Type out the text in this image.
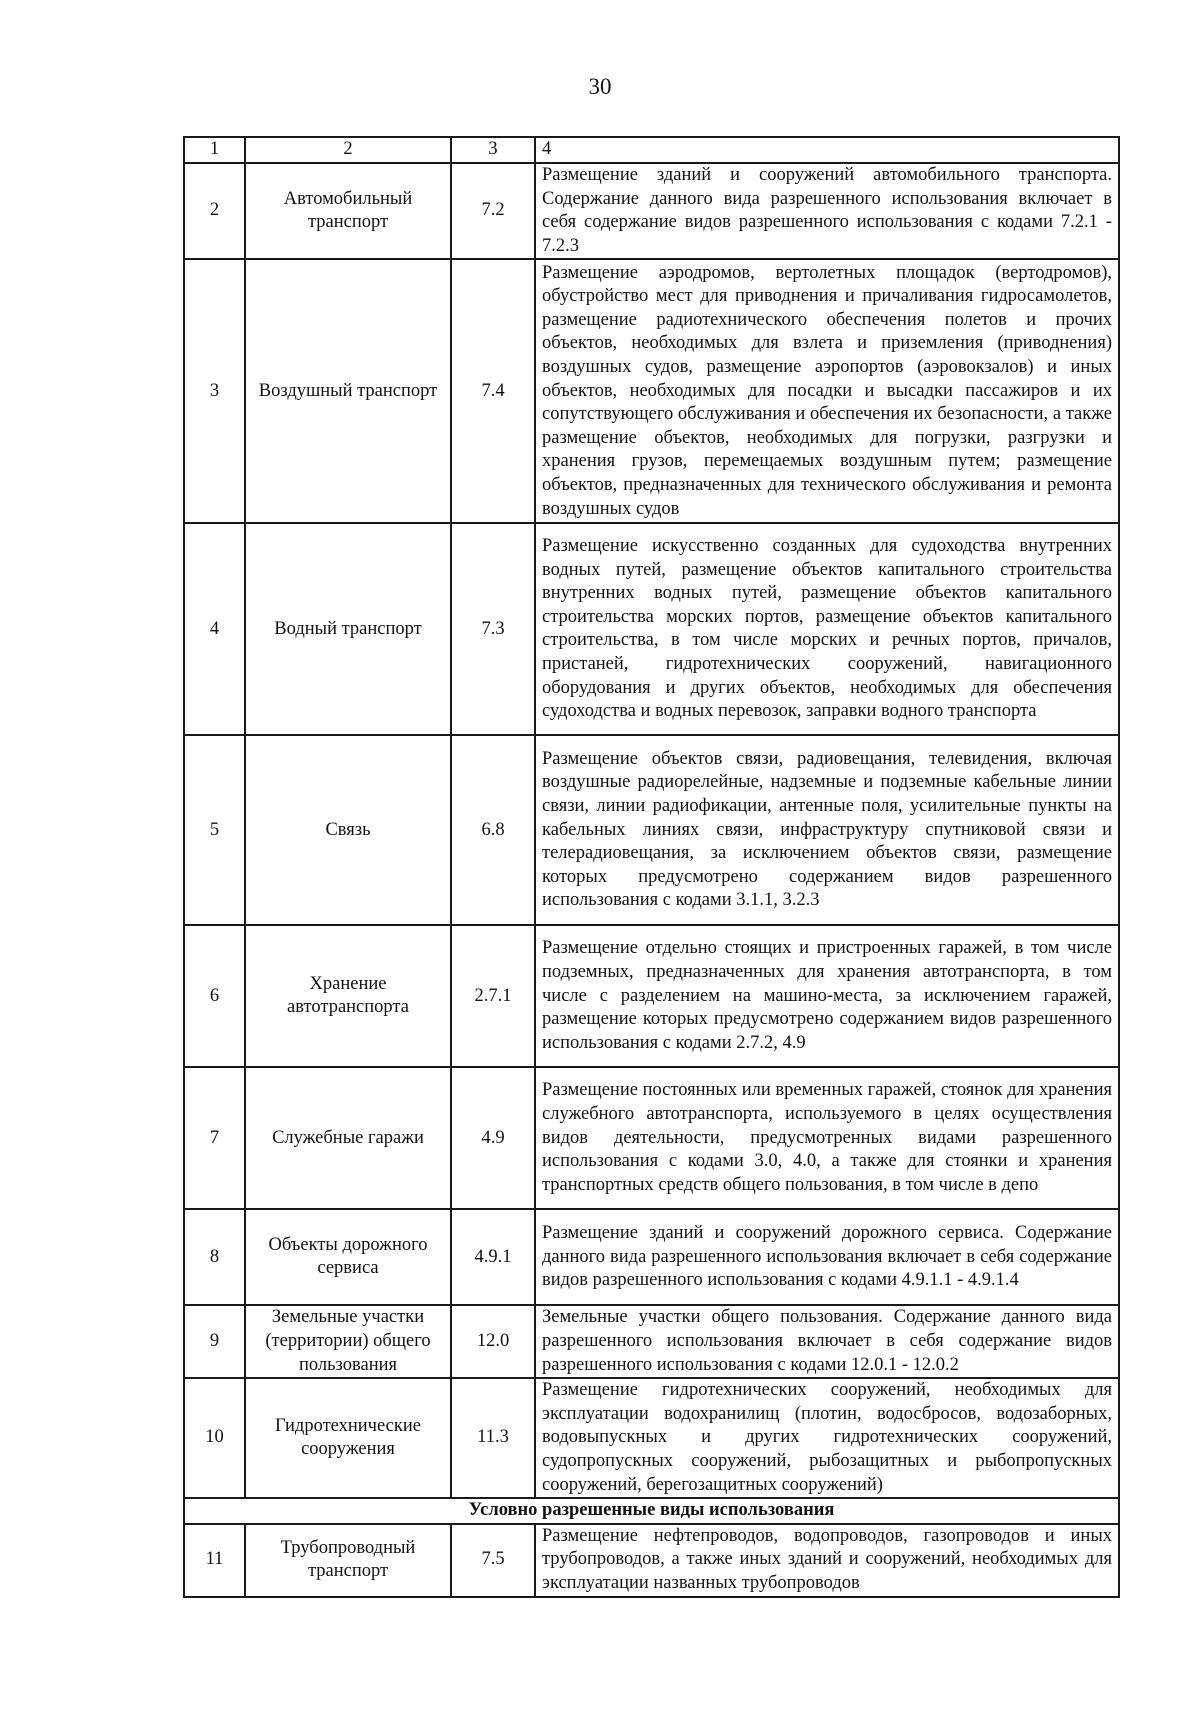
30
1	2	3	4
2	Автомобильный транспорт	7.2	Размещение зданий и сооружений автомобильного транспорта. Содержание данного вида разрешенного использования включает в себя содержание видов разрешенного использования с кодами 7.2.1 - 7.2.3
3	Воздушный транспорт	7.4	Размещение аэродромов, вертолетных площадок (вертодромов), обустройство мест для приводнения и причаливания гидросамолетов, размещение радиотехнического обеспечения полетов и прочих объектов, необходимых для взлета и приземления (приводнения) воздушных судов, размещение аэропортов (аэровокзалов) и иных объектов, необходимых для посадки и высадки пассажиров и их сопутствующего обслуживания и обеспечения их безопасности, а также размещение объектов, необходимых для погрузки, разгрузки и хранения грузов, перемещаемых воздушным путем; размещение объектов, предназначенных для технического обслуживания и ремонта воздушных судов
4	Водный транспорт	7.3	Размещение искусственно созданных для судоходства внутренних водных путей, размещение объектов капитального строительства внутренних водных путей, размещение объектов капитального строительства морских портов, размещение объектов капитального строительства, в том числе морских и речных портов, причалов, пристаней, гидротехнических сооружений, навигационного оборудования и других объектов, необходимых для обеспечения судоходства и водных перевозок, заправки водного транспорта
5	Связь	6.8	Размещение объектов связи, радиовещания, телевидения, включая воздушные радиорелейные, надземные и подземные кабельные линии связи, линии радиофикации, антенные поля, усилительные пункты на кабельных линиях связи, инфраструктуру спутниковой связи и телерадиовещания, за исключением объектов связи, размещение которых предусмотрено содержанием видов разрешенного использования с кодами 3.1.1, 3.2.3
6	Хранение автотранспорта	2.7.1	Размещение отдельно стоящих и пристроенных гаражей, в том числе подземных, предназначенных для хранения автотранспорта, в том числе с разделением на машино-места, за исключением гаражей, размещение которых предусмотрено содержанием видов разрешенного использования с кодами 2.7.2, 4.9
7	Служебные гаражи	4.9	Размещение постоянных или временных гаражей, стоянок для хранения служебного автотранспорта, используемого в целях осуществления видов деятельности, предусмотренных видами разрешенного использования с кодами 3.0, 4.0, а также для стоянки и хранения транспортных средств общего пользования, в том числе в депо
8	Объекты дорожного сервиса	4.9.1	Размещение зданий и сооружений дорожного сервиса. Содержание данного вида разрешенного использования включает в себя содержание видов разрешенного использования с кодами 4.9.1.1 - 4.9.1.4
9	Земельные участки (территории) общего пользования	12.0	Земельные участки общего пользования. Содержание данного вида разрешенного использования включает в себя содержание видов разрешенного использования с кодами 12.0.1 - 12.0.2
10	Гидротехнические сооружения	11.3	Размещение гидротехнических сооружений, необходимых для эксплуатации водохранилищ (плотин, водосбросов, водозаборных, водовыпускных и других гидротехнических сооружений, судопропускных сооружений, рыбозащитных и рыбопропускных сооружений, берегозащитных сооружений)
Условно разрешенные виды использования			
11	Трубопроводный транспорт	7.5	Размещение нефтепроводов, водопроводов, газопроводов и иных трубопроводов, а также иных зданий и сооружений, необходимых для эксплуатации названных трубопроводов
